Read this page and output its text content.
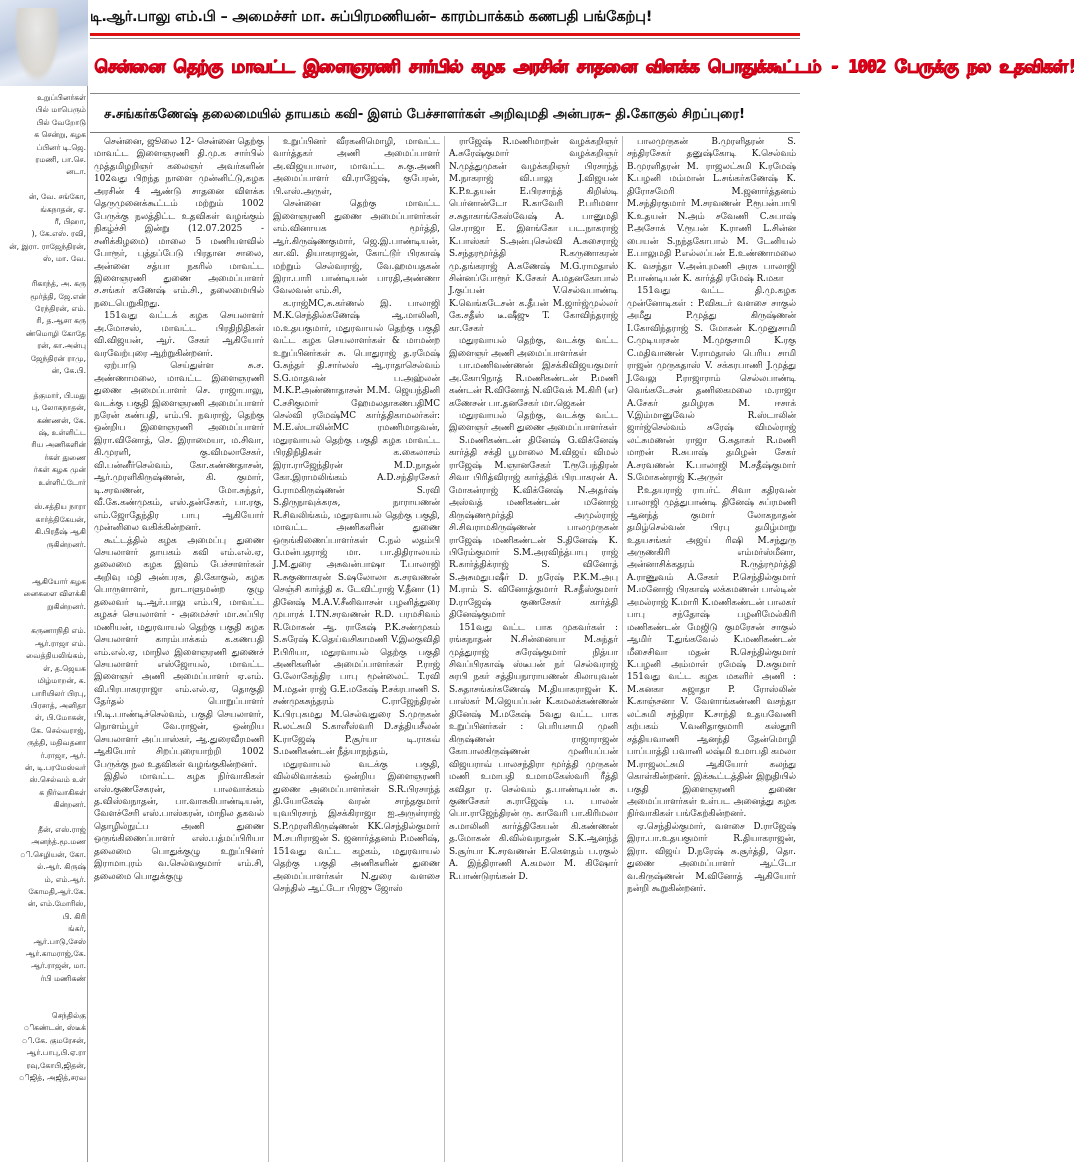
உறுப்பினர்கள்
பில் மாபெரும்
பில் வேறோடு
க சென்று, கழக
ப்பினர் டி.ஜெ.
ரமணி, பா.செ.
னடா.

ன், வே. சங்கோ,
ங்கநாதன், ஏ.
ரீ, பிஹா,
), கே.எஸ். ரவி,
ன், இரா. ராஜேந்திரன்,
ஸ், மா. வே.

ரிகாந்த், அ. கரு
மூர்த்தி, ஜே.என்
ரேந்திரன், எம்.
ரி, த.ஆசா கரு
ண்மொழி கோதே
ரன், கா.அன்பு
ஜேந்திரன் ராமு,
ன், கே.பி.

த்குமார், பி.மது
பு, லோகநாதன்,
கண்ணன், கே.
ஷ், உள்ளிட்ட
ரிய அணிகளின்
ர்கள் துணை
ர்கள் கழக முன்
உள்ளிட்டோர்

ஸ்.சத்திய நாரா
கார்த்திகேயன்,
கி.பிரதீஷ் ஆகி
ருகின்றனர்.

ஆகியோர் கழக
னைகளை விளக்கி
றுகின்றனர்.

கருணாநிதி எம்.
ஆர்.ராஜா எம்.
வைத்தியலிங்கம்,
ள், த.ஜெயசு
மிழ்மாறன், க.
பாரியிலர் பிரபு,
பிரசாத், அனிதா
ள், பி.மோகன்,
கே. செல்வராஜ்,
ருத்தி, மதிவதனா
ர்.ராஜா, ஆர்.
ன், டி.பரமேஸ்வர்
ஸ்.செல்வம் உள்
க நிர்வாகிகள்
கின்றனர்.

தீன், எஸ்.ராஜ்
அனந்த்.மூ.மண
ி.செழியன், கோ.
ல்.ஆர். கிருஷ்
ம், எம்.ஆர்.
கோமதி,ஆர்.கே.
ன், எம்.மோரிஸ்,
பி. கிரி
ங்கர்,
ஆர்.பாடு,சேஸ்
ஆர்.காமராஜ்,கே.
ஆர்.ராஜன், மா.
ர்பி மணிகண்

செந்தில்கு
ிகண்டன், ஸ்டீக்
ி.கே. குமரேசன்,
ஆர்.பாபு,பி.ஏ.ரா
ரவு,கோபி,ஜிதன்,
ிஜித், அஜித்,சரவ
டி.ஆர்.பாலு எம்.பி – அமைச்சர் மா. சுப்பிரமணியன்– காரம்பாக்கம் கணபதி பங்கேற்பு!
சென்னை தெற்கு மாவட்ட இளைஞரணி சார்பில் கழக அரசின் சாதனை விளக்க பொதுக்கூட்டம் - 1002 பேருக்கு நல உதவிகள்!
ச.சங்கர்கணேஷ் தலைமையில் தாயகம் கவி- இளம் பேச்சாளர்கள் அறிவுமதி அன்பரசு– தி.கோகுல் சிறப்புரை!

சென்னை, ஜூலை 12- சென்னை தெற்கு மாவட்ட இளைஞரணி தி.மு.க சார்பில் முத்தமிழறிஞர் கலைஞர் அவர்களின் 102வது பிறந்த நாளை முன்னிட்டு,கழக அரசின் 4 ஆண்டு சாதனை விளக்க தெருமுனைக்கூட்டம் மற்றும் 1002 பேருக்கு நலத்திட்ட உதவிகள் வழங்கும் நிகழ்ச்சி இன்று (12.07.2025 - சனிக்கிழமை) மாலை 5 மணியளவில் போரூர், புத்தப்பேடு பிரதான சாலை, அன்னை சத்யா நகரில் மாவட்ட இளைஞரணி துணை அமைப்பாளர் ச.சங்கர் கணேஷ் எம்.சி., தலைமையில் நடைபெறுகிறது.

151வது வட்டக் கழக செயலாளர் அ.மோசஸ், மாவட்ட பிரதிநிதிகள் வி.விஜயன், ஆர். சேகர் ஆகியோர் வரவேற்புரை ஆற்றுகின்றனர்.

ஏற்பாடு செய்துள்ள சு.ச. அண்ணாமலை, மாவட்ட இளைஞரணி துணை அமைப்பாளர் செ. ராஜாபாலு, வடக்கு பகுதி இளைஞரணி அமைப்பாளர் நரேன் கண்பதி, எம்.பி. நவராஜ், தெற்கு ஒன்றிய இளைஞரணி அமைப்பாளர் இரா.வினோத், செ. இராமையா, ம.சிவா, கி.முரளி, கு.விமலாசேகர், வி.பன்னீர்செல்வம், கோ.கண்ணதாசன், ஆர்.முரளிகிருஷ்ணன், கி. குமார், டி.சரவணன், மோ.சுந்தர், வீ.கே.கண்முகம், எஸ்.தன்சேகர், பா.ரகு, எம்.ஜோதேந்திர பாபு ஆகியோர் முன்னிலை வகிக்கின்றனர்.

கூட்டத்தில் கழக அமைப்பு துணை செயலாளர் தாயகம் கவி எம்.எல்.ஏ, தலைமை கழக இளம் பேச்சாளர்கள் அறிவு மதி அன்பரசு, தி.கோகுல், கழக பொருளாளர், நாடாளுமன்ற குழு தலைவர் டி.ஆர்.பாலு எம்.பி, மாவட்ட கழகச் செயலாளர் - அமைச்சர் மா.சுப்பிர மணியன், மதுரவாயல் தெற்கு பகுதி கழக செயலாளர் காரம்பாக்கம் க.கணபதி எம்.எல்.ஏ, மாநில இளைஞரணி துணைச் செயலாளர் எஸ்ஜோயல், மாவட்ட இளைஞர் அணி அமைப்பாளர் ஏ.எம். வி.பிரபாகரராஜா எம்.எல்.ஏ, தொகுதி தேர்தல் பொறுப்பாளர் பி.டி.பாண்டிச்செல்வம், பகுதி செயலாளர், நொளம்பூர் வே.ராஜன், ஒன்றிய செயலாளர் அப்பாஸ்கர், ஆ.துரைவீரமணி ஆகியோர் சிறப்புரையாற்றி 1002 பேருக்கு நல உதவிகள் வழங்குகின்றனர்.

இதில் மாவட்ட கழக நிர்வாகிகள் எஸ்.குணசேகரன், பாலவாக்கம் த.விஸ்வநாதன், பா.வாசுகிபாண்டியன், வேளச்சேரி எஸ்.பாஸ்கரன், மாநில தகவல் தொழில்நுட்ப அணி துணை ஒருங்கிணைப்பாளர் எஸ்.பத்மப்பிரியா தலைமை பொதுக்குழு உறுப்பினர் இராமாபுரம் வ.செல்வகுமார் எம்.சி, தலைமை பொதுக்குழு

உறுப்பினர் வீரகனிமொழி, மாவட்ட வார்த்தகர் அணி அமைப்பாளர் அ.விஜயபாலா, மாவட்ட சு.கு.அணி அமைப்பாளர் வி.ராஜேஷ், குபேரன், பி.எஸ்.அருள்,

சென்னை தெற்கு மாவட்ட இளைஞரணி துணை அமைப்பாளர்கள் எம்.வினாயக மூர்த்தி, ஆர்.கிருஷ்ணகுமார், ஜெ.இ.பாண்டியன், கா.வி. தியாகராஜன், கோட்டூர் பிரகாஷ் மற்றும் செல்வராஜ், வே.ஹமயதகன் இரா.பாரி பாண்டியன் பாரதி,அண்ணா வேலவன் எம்.சி,

க.ராஜ்MC,சு.கர்ணல் இ. பாலாஜி M.K.செந்தில்கணேஷ் ஆ.மாலினி, ம.உதயகுமார், மதுரவாயல் தெற்கு பகுதி வட்ட கழக செயலாளர்கள் & மாமன்ற உறுப்பினர்கள் சு. பொதுராஜ் த.ரமேஷ் G.சுந்தர் தி.சார்லஸ் ஆ.ராதாசெல்வம் S.G.மாதவன் ப.அஹ்லன் M.K.P.அண்ணாதாசன் M.M. ஜெயந்தினி C.சசிகுமார் ஹேமலதாகணபதிMC செல்வி ரமேஷ்MC கார்த்திகாமலர்கள்: M.E.ஸ்டாலின்MC ரமணிமாதவன், மதுரவாயல் தெற்கு பகுதி கழக மாவட்ட பிரதிநிதிகள் க.கைலாசம் இரா.ராஜேந்திரன் M.D.நாதன் கோ.இராமலிங்கம் A.D.சந்திரசேகர் G.ராமகிருஷ்ணன் S.ரவி S.திருநாவுக்கரசு, நாராயணன் R.சிவலிங்கம், மதுரவாயல் தெற்கு பகுதி, மாவட்ட அணிகளின் துணை ஒருங்கிணைப்பாளர்கள் C.நல் லதம்பி G.மன்பதராஜ் மா. பா.திதிராலயம் J.M.துரை அசுவன்பாஷா T.பாலாஜி R.சுகுணாகரன் S.ஷலோலா க.சரவணன் செஞ்சி கார்த்தி க. டேவிட்ராஜ் V.தீனா (1) தினேஷ் M.A.V.சீனிவாசன் பழனித்துரை முபாரக் I.TN.சரவணன் R.D. பரமசிவம் R.மோகன் ஆ. ராகேஷ் P.K.சண்முகம் S.சுரேஷ் K.தெய்வசிகாமணி V.இலகுவிதி P.பிரியா, மதுரவாயல் தெற்கு பகுதி அணிகளின் அமைப்பாளர்கள் P.ராஜ் G.லோகேந்திர பாபு மூன்லைட் T.ரவி M.மதன் ராஜ் G.E.மகேஷ் P.சக்ரபாணி S. சண்முகசுந்தரம் C.ராஜேந்திரன் K.பிரபுகமது M.செல்வதுரை S.முருகன் R.லட்சுமி S.காளீஸ்வரி D.சத்தியசீலன் K.ராஜேஷ் P.சூர்யா டி.ராகவ் S.மணிகண்டன் நீத்யாநந்தம்,

மதுரவாயல் வடக்கு பகுதி, வில்லிவாக்கம் ஒன்றிய இளைஞரணி துணை அமைப்பாளர்கள் S.R.பிரசாந்த் தி.யோகேஷ் வரன் சாந்தகுமார் யுவபிரசாந் இசக்கிராஜா ஐ.அருள்ராஜ் S.P.முரளிகிருஷ்ணன் KK.செந்தில்குமார் M.சபரிராஜன் S. ஜனார்த்தனம் P.மணிஷ், 151வது வட்ட கழகம், மதுரவாயல் தெற்கு பகுதி அணிகளின் துணை அமைப்பாளர்கள் N.துரை வளசை செந்தில் ஆட்டோ பிரஜு ஜோஸ்

ராஜேஷ் R.மணிமாறன் வழக்கறிஞர் A.சுரேஷ்குமார் வழக்கறிஞர் N.முத்துமுகன் வழக்கறிஞர் பிரசாந்த் M.நாகராஜ் வி.பாலு J.விஜயன் K.P.உதயன் E.பிரசாந்த் கிறிஸ்டி பெர்னான்டோ R.காவேரி P.பரிமளா ச.சுதாகாங்கேஸ்வேஷ் A. பானுமதி செ.ராஜா E. இளங்கோ பட.நாகராஜ் K.பாஸ்கர் S.அன்புசெல்வி A.சுசைராஜ் S.சந்தரமூர்த்தி R.கருணாகரன் மு.தங்கராஜ் A.கணேஷ் M.G.ராமதாஸ் சின்னப்போரூர் K.சேகர் A.மதனகோபால் J.குப்பன் V.செல்வபாண்டி K.வெங்கடேசன் க.தீபன் M.ஜார்ஜ்முல்லர் கே.சதீஸ் டீ.ஷீஜு T. கோவிந்தராஜ் கா.சேகர்

மதுரவாயல் தெற்கு, வடக்கு வட்ட இளைஞர் அணி அமைப்பாளர்கள்

பா.மணிவண்ணன் இசக்கிவிஜயகுமார் அ.கோபிநாத் R.மணிகண்டன் P.மணி கண்டன் R.வினோத் N.விவேக் M.கிரி (எ) கணேசன் பா.தனசேகர் மா.ஜெகன்

மதுரவாயல் தெற்கு, வடக்கு வட்ட இளைஞர் அணி துணை அமைப்பாளர்கள்

S.மணிகண்டன் தினேஷ் G.விக்னேஷ் கார்த்தி சக்தி பூமாலை M.விஜய் விமல் ராஜேஷ் M.ஞானசேகர் T.ரூபேந்திரன் சிவா பிரித்விராஜ் கார்த்திக் பிரபாகரன் A. மோகன்ராஜ் K.விக்னேஷ் N.அதர்ஷ் அஸ்வத் மணிகண்டன் மனோஜ் கிருஷ்ணமூர்த்தி அமுல்ராஜ் சி.சிவராமகிருஷ்ணன் பாலமுருகன் ராஜேஷ் மணிகண்டன் S.தினேஷ் K. பிரேம்குமார் S.M.அரவிந்த்பாபு ராஜ் R.கார்த்திக்ராஜ் S. வினோத் S.அசுமதுபஷீர் D. நரேஷ் P.K.M.அபு M.ராம் S. வினோத்குமார் R.சதீஸ்குமார் D.ராஜேஷ் குணசேகர் கார்த்தி தினேஷ்குமார்

151வது வட்ட பாக முகவர்கள் : ரங்கநாதன் N.சின்னையா M.சுந்தர் முத்துராஜ் சுரேஷ்குமார் நித்யா சிவப்பிரகாஷ் ஸ்டீபன் நர் செல்வராஜ் சுரபி நகர் சத்தியநாராயணன் கிலாயுவன் S.சுதாசங்கர்கணேஷ் M.தியாகராஜன் K. பாஸ்கர் M.ஜெயப்பன் K.கமலக்கண்ணன் தினேஷ் M.மகேஷ் 5வது வட்ட பாக உறுப்பினர்கள் : பெரியசாமி முனி கிருஷ்ணன் ராஜாராஜன் கோபாலகிருஷ்ணன் முனியப்பன் விஜயராவ் பாலசந்திரா மூர்த்தி முருகன் மணி உமாபதி உமாமகேஸ்வரி ரீத்தி கவிதா ர. செல்வம் த.பாண்டியன் சு. குணசேகர் சு.ராஜேஷ் ப. பாலன் பொ.ராஜேந்திரன் ரு. காவேரி பா.கிரிமலா சு.மாலினி கார்த்திகேயன் கி.கண்ணன் த.மோகன் கி.வில்வநாதன் S.K.ஆனந்த் S.சூர்யா K.சரவணன் E.கௌதம் ப.ரகுல் A. இந்திராணி A.கமலா M. கிஷோர் R.பாண்டுரங்கன் D.

பாலமுருகன் B.முரளிதரன் S. சந்திரசேகர் தனுஷ்கோடி K.செல்வம் B.முரளிதரன் M. ராஜலட்சுமி K.ரமேஷ் K.பழனி மம்மான் L.சங்கர்கணேஷ் K. திரோசமேரி M.ஜனார்த்தனம் M.சந்திரகுமார் M.சரவணன் P.ரூபன்பாபி K.உதயன் N.அம் சவேணி C.சுபாஷ் P.அசோக் V.ரூபன் K.ராணி L.சின்ன பையன் S.நந்தகோபால் M. டேனியல் E.பாலுமதி P.எல்லப்பன் E.உண்ணாமலை K. வசந்தா V.அன்புமணி அரசு பாலாஜி P.பாண்டியன் K. கார்த்தி ரமேஷ் R.மகா

151வது வட்ட தி.மு.கழக முன்னோடிகள் : P.விகடர் வளசை சாகுல் அமீது P.முத்து கிருஷ்ணன் I.கோவிந்தராஜ் S. மோகன் K.முனுசாமி C.முடியரசன் M.முகுசாமி K.ரகு C.மதிவாணன் V.ராமதாஸ் பெரிய சாமி ராஜன் முருகதாஸ் V. சக்கரபாணி J.முத்து J.வேலு P.ராஜாராம் செல்லபாண்டி வெங்கடேசன் தணிகைமலை ம.ராஜா A.சேகர் தமிழரசு M. ஈசாக் V.இம்மானுவேல் R.ஸ்டாலின் ஜார்ஜ்செல்வம் சுரேஷ் விமல்ராஜ் லட்சுமணன் ராஜா G.சுதாகர் R.மணி மாறன் R.சுபாஷ் தமிழன் சேகர் A.சரவணன் K.பாலாஜி M.சதீஷ்குமார் S.மோகன்ராஜ் K.அருள்

P.உதயராஜ் ராபர்ட் சிவா கதிரவன் பாலாஜி முத்துபாண்டி தினேஷ் சுப்ரமணி ஆனந்த் குமார் லோகநாதன் தமிழ்செல்வன் பிரபு தமிழ்மாறு உதயசங்கர் அஜய் ரிஷி M.சந்துரு அருணகிரி எம்மர்ஸ்மீனா, அன்னாசிக்கதரம் R.ருத்ரமூர்த்தி A.ராணுவம் A.சேகர் P.செந்தில்குமார் M.மனோஜ் பிரகாஷ் லக்கமணன் பால்டின் அமல்ராஜ் K.மாரி K.மணிகண்டன் பாலகர் பாபு சந்தோஷ் பழனிமேல்கிரி மணிகண்டன் மேஜிடு குமரேசன் சாகுல் ஆமிர் T.துங்கவேல் K.மணிகண்டன் மீசைசிவா மதன் R.செந்தில்குமார் K.பழனி அம்மாள் ரமேஷ் D.சுகுமார் 151வது வட்ட கழக மகளிர் அணி : M.கனகா சுஜாதா P. ரோஸ்லின் K.காஞ்சனா V. வேளாங்கண்ணி வசந்தா லட்சுமி சந்திரா K.சாந்தி உதயவேணி கற்பகம் V.வனிதாகுமாரி கஸ்தூரி சத்தியவாணி ஆனந்தி தேன்மொழி பாப்பாத்தி பவானி லஷ்மி உமாபதி கமலா M.ராஜலட்சுமி ஆகியோர் கலந்து கொள்கின்றனர். இக்கூட்டத்தின் இறுதியில் பகுதி இளைஞரணி துணை அமைப்பாளர்கள் உள்பட அனைத்து கழக நிர்வாகிகள் பங்கேற்கின்றனர்.

ஏ.செந்தில்குமார், வளசை D.ராஜேஷ் இரா.பா.உதயகுமார் R.தியாகராஜன், இரா. விஜய் D.நரேஷ் சு.சூர்த்தி, தொ. துணை அமைப்பாளர் ஆட்டோ வ.கிருஷ்ணன் M.வினோத் ஆகியோர் நன்றி கூறுகின்றனர்.
